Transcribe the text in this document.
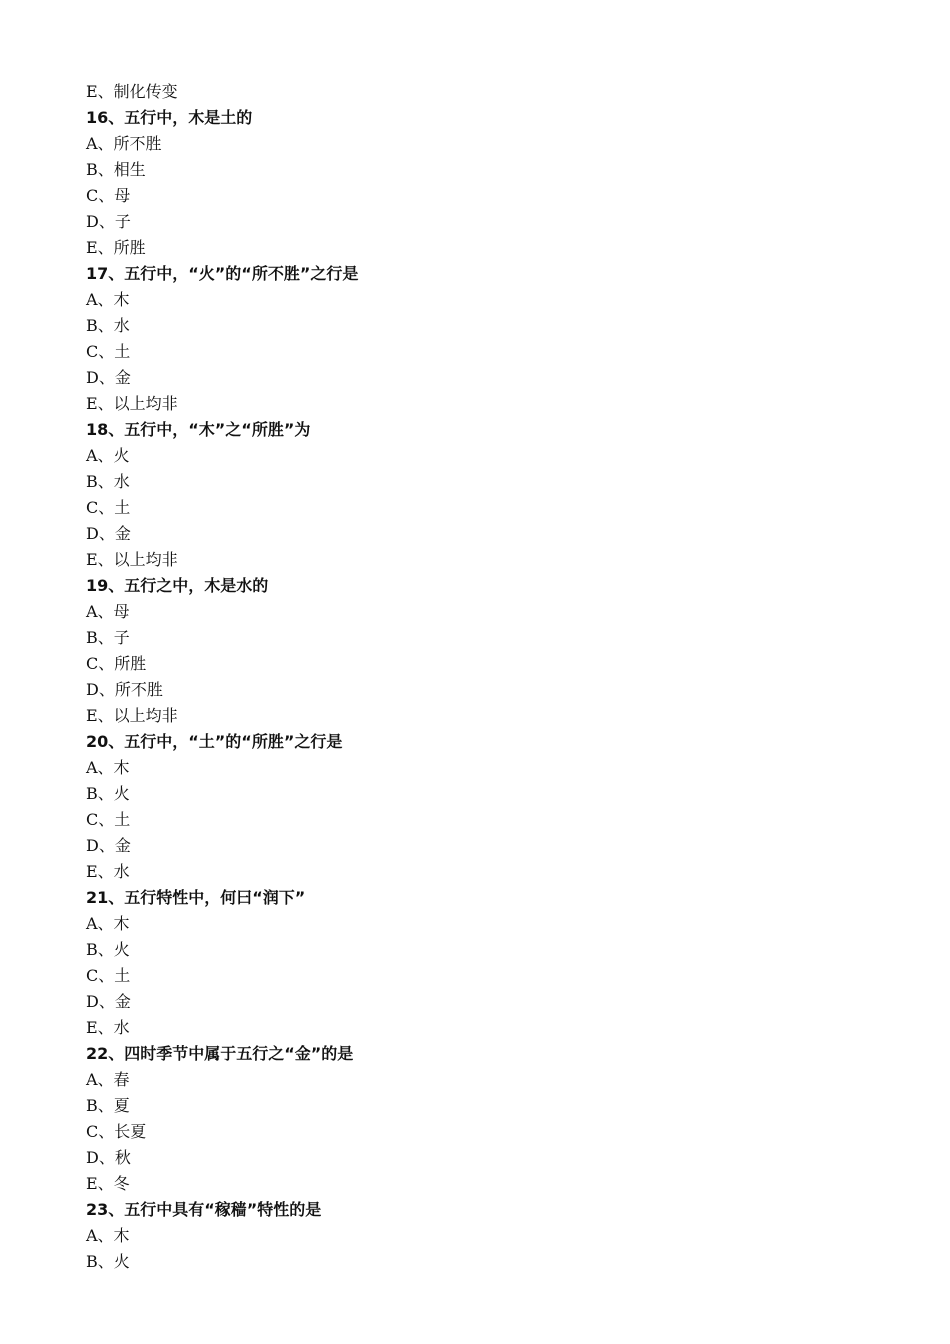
E、制化传变
16、五行中，木是土的
A、所不胜
B、相生
C、母
D、子
E、所胜
17、五行中，“火”的“所不胜”之行是
A、木
B、水
C、土
D、金
E、以上均非
18、五行中，“木”之“所胜”为
A、火
B、水
C、土
D、金
E、以上均非
19、五行之中，木是水的
A、母
B、子
C、所胜
D、所不胜
E、以上均非
20、五行中，“土”的“所胜”之行是
A、木
B、火
C、土
D、金
E、水
21、五行特性中，何曰“润下”
A、木
B、火
C、土
D、金
E、水
22、四时季节中属于五行之“金”的是
A、春
B、夏
C、长夏
D、秋
E、冬
23、五行中具有“稼穑”特性的是
A、木
B、火
